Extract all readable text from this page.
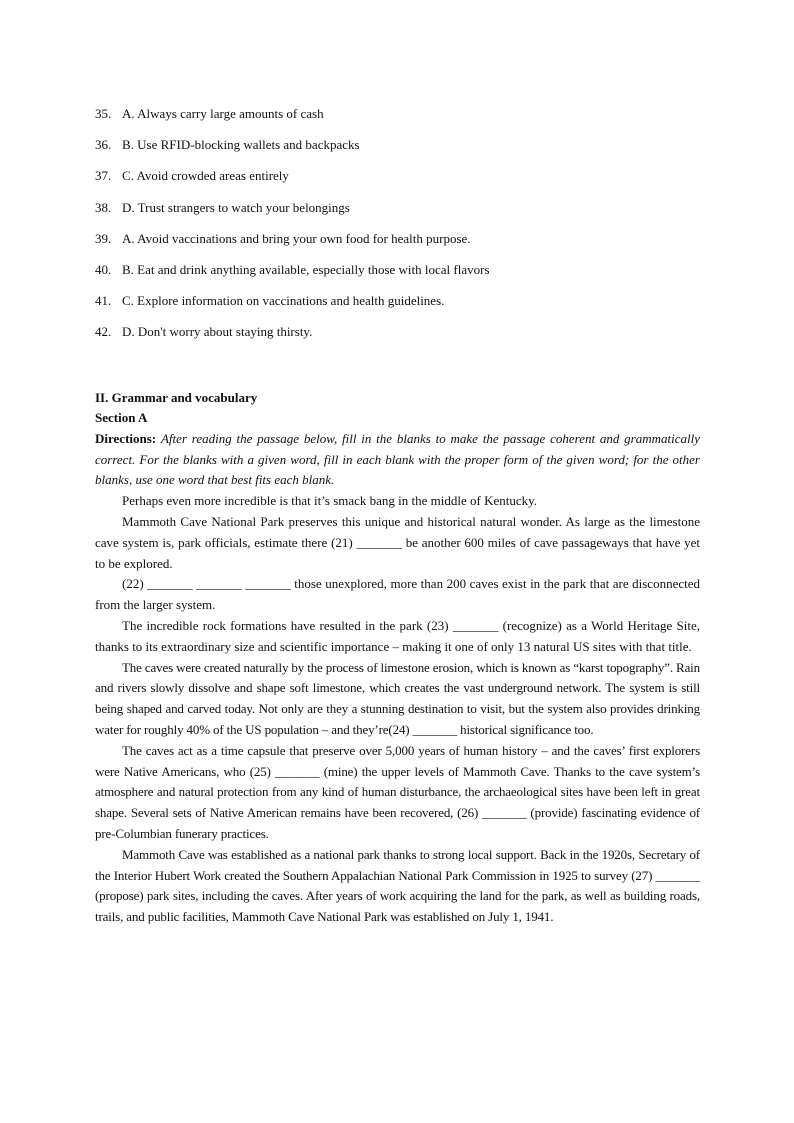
35. A. Always carry large amounts of cash
36. B. Use RFID-blocking wallets and backpacks
37. C. Avoid crowded areas entirely
38. D. Trust strangers to watch your belongings
39. A. Avoid vaccinations and bring your own food for health purpose.
40. B. Eat and drink anything available, especially those with local flavors
41. C. Explore information on vaccinations and health guidelines.
42. D. Don't worry about staying thirsty.

II. Grammar and vocabulary

Section A

Directions: After reading the passage below, fill in the blanks to make the passage coherent and grammatically correct. For the blanks with a given word, fill in each blank with the proper form of the given word; for the other blanks, use one word that best fits each blank.

Perhaps even more incredible is that it’s smack bang in the middle of Kentucky.

Mammoth Cave National Park preserves this unique and historical natural wonder. As large as the limestone cave system is, park officials, estimate there (21) _______ be another 600 miles of cave passageways that have yet to be explored.

(22) _______ _______ _______ those unexplored, more than 200 caves exist in the park that are disconnected from the larger system.

The incredible rock formations have resulted in the park (23) _______ (recognize) as a World Heritage Site, thanks to its extraordinary size and scientific importance – making it one of only 13 natural US sites with that title.

The caves were created naturally by the process of limestone erosion, which is known as “karst topography”. Rain and rivers slowly dissolve and shape soft limestone, which creates the vast underground network. The system is still being shaped and carved today. Not only are they a stunning destination to visit, but the system also provides drinking water for roughly 40% of the US population – and they’re(24) _______ historical significance too.

The caves act as a time capsule that preserve over 5,000 years of human history – and the caves’ first explorers were Native Americans, who (25) _______ (mine) the upper levels of Mammoth Cave. Thanks to the cave system’s atmosphere and natural protection from any kind of human disturbance, the archaeological sites have been left in great shape. Several sets of Native American remains have been recovered, (26) _______ (provide) fascinating evidence of pre-Columbian funerary practices.

Mammoth Cave was established as a national park thanks to strong local support. Back in the 1920s, Secretary of the Interior Hubert Work created the Southern Appalachian National Park Commission in 1925 to survey (27) _______ (propose) park sites, including the caves. After years of work acquiring the land for the park, as well as building roads, trails, and public facilities, Mammoth Cave National Park was established on July 1, 1941.
